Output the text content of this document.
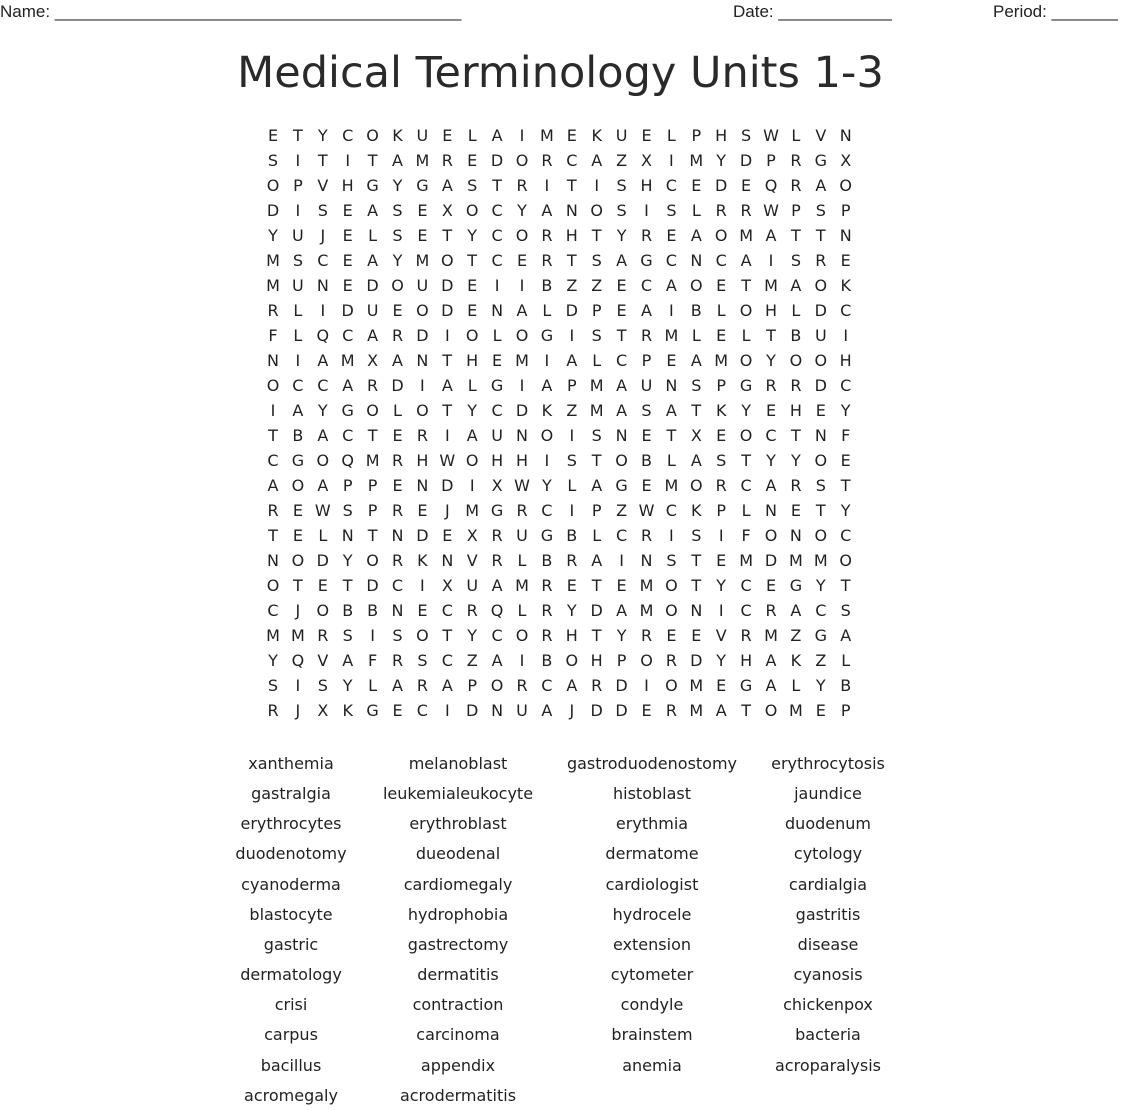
Name: ___________________________________________	Date: ____________	Period: _______
Medical Terminology Units 1-3
E T Y C O K U E L A	I M E K U E L P H S W L V N
S	I	T	I	T A M R E D O R C A Z X	I M Y D P R G X
O P V H G Y G A S T R	I	T	I	S H C E D E Q R A O
D	I	S E A S E X O C Y A N O S	I	S L R R W P S P
Y U	J	E L S E T Y C O R H T Y R E A O M A T T N
M S C E A Y M O T C E R T S A G C N C A	I	S R E
M U N E D O U D E	I	I	B Z Z E C A O E T M A O K
R L	I	D U E O D E N A L D P E A	I	B L O H L D C
F L Q C A R D	I	O L O G	I	S T R M L E L T B U	I
N	I	A M X A N T H E M I	A L C P E A M O Y O O H
O C C A R D	I	A L G	I	A P M A U N S P G R R D C
I	A Y G O L O T Y C D K Z M A S A T K Y E H E Y
T B A C T E R	I	A U N O	I	S N E T X E O C T N F
C G O Q M R H W O H H	I	S T O B L A S T Y Y O E
A O A P P E N D	I	X W Y L A G E M O R C A R S T
R E W S P R E	J M G R C	I	P Z W C K P L N E T Y
T E L N T N D E X R U G B L C R	I	S	I	F O N O C
N O D Y O R K N V R L B R A	I	N S T E M D M M O
O T E T D C	I	X U A M R E T E M O T Y C E G Y T
C	J	O B B N E C R Q L R Y D A M O N	I	C R A C S
M M R S	I	S O T Y C O R H T Y R E E V R M Z G A
Y Q V A F R S C Z A	I	B O H P O R D Y H A K Z L
S	I	S Y L A R A P O R C A R D	I	O M E G A L Y B
R	J	X K G E C	I	D N U A	J	D D E R M A T O M E P
xanthemia
gastralgia
erythrocytes
duodenotomy
cyanoderma
blastocyte
gastric
dermatology
crisi
carpus
bacillus
acromegaly
melanoblast
leukemialeukocyte
erythroblast
dueodenal
cardiomegaly
hydrophobia
gastrectomy
dermatitis
contraction
carcinoma
appendix
acrodermatitis
gastroduodenostomy
histoblast
erythmia
dermatome
cardiologist
hydrocele
extension
cytometer
condyle
brainstem
anemia
erythrocytosis
jaundice
duodenum
cytology
cardialgia
gastritis
disease
cyanosis
chickenpox
bacteria
acroparalysis
